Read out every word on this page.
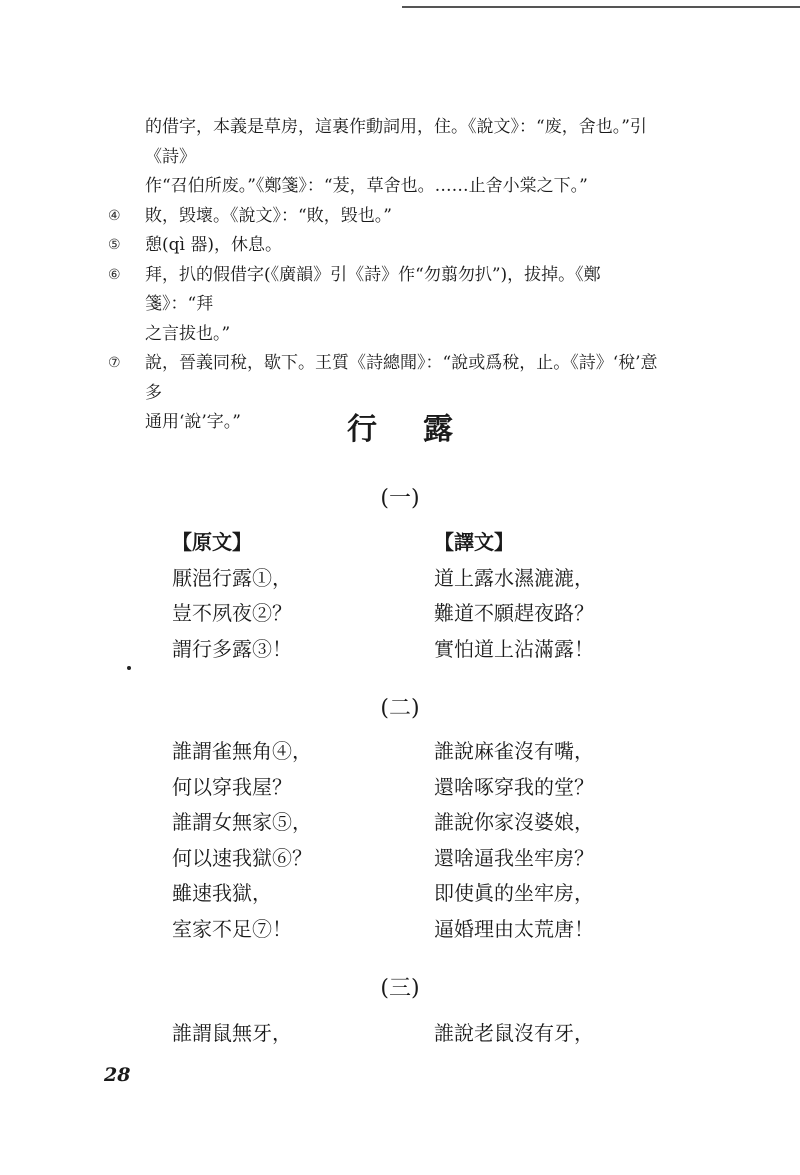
的借字，本義是草房，這裏作動詞用，住。《說文》：“废，舍也。”引《詩》

作“召伯所废。”《鄭箋》：“茇，草舍也。……止舍小棠之下。”

④ 敗，毁壞。《說文》：“敗，毁也。”
⑤ 憩(qì 器)，休息。
⑥ 拜，扒的假借字(《廣韻》引《詩》作“勿翦勿扒”)，拔掉。《鄭箋》：“拜
之言拔也。”
⑦ 說，晉義同稅，歇下。王質《詩總聞》：“說或爲稅，止。《詩》‘稅’意多
通用‘說’字。”	行露
(一)
【原文】
厭浥行露①，
豈不夙夜②？
謂行多露③！
【譯文】
道上露水濕漉漉，
難道不願趕夜路？
實怕道上沾滿露！
(二)
誰謂雀無角④，
何以穿我屋？
誰謂女無家⑤，
何以速我獄⑥？
雖速我獄，
室家不足⑦！
誰說麻雀沒有嘴，
還啥啄穿我的堂？
誰說你家沒婆娘，
還啥逼我坐牢房？
即使眞的坐牢房，
逼婚理由太荒唐！
(三)
誰謂鼠無牙，	誰說老鼠沒有牙，
28
